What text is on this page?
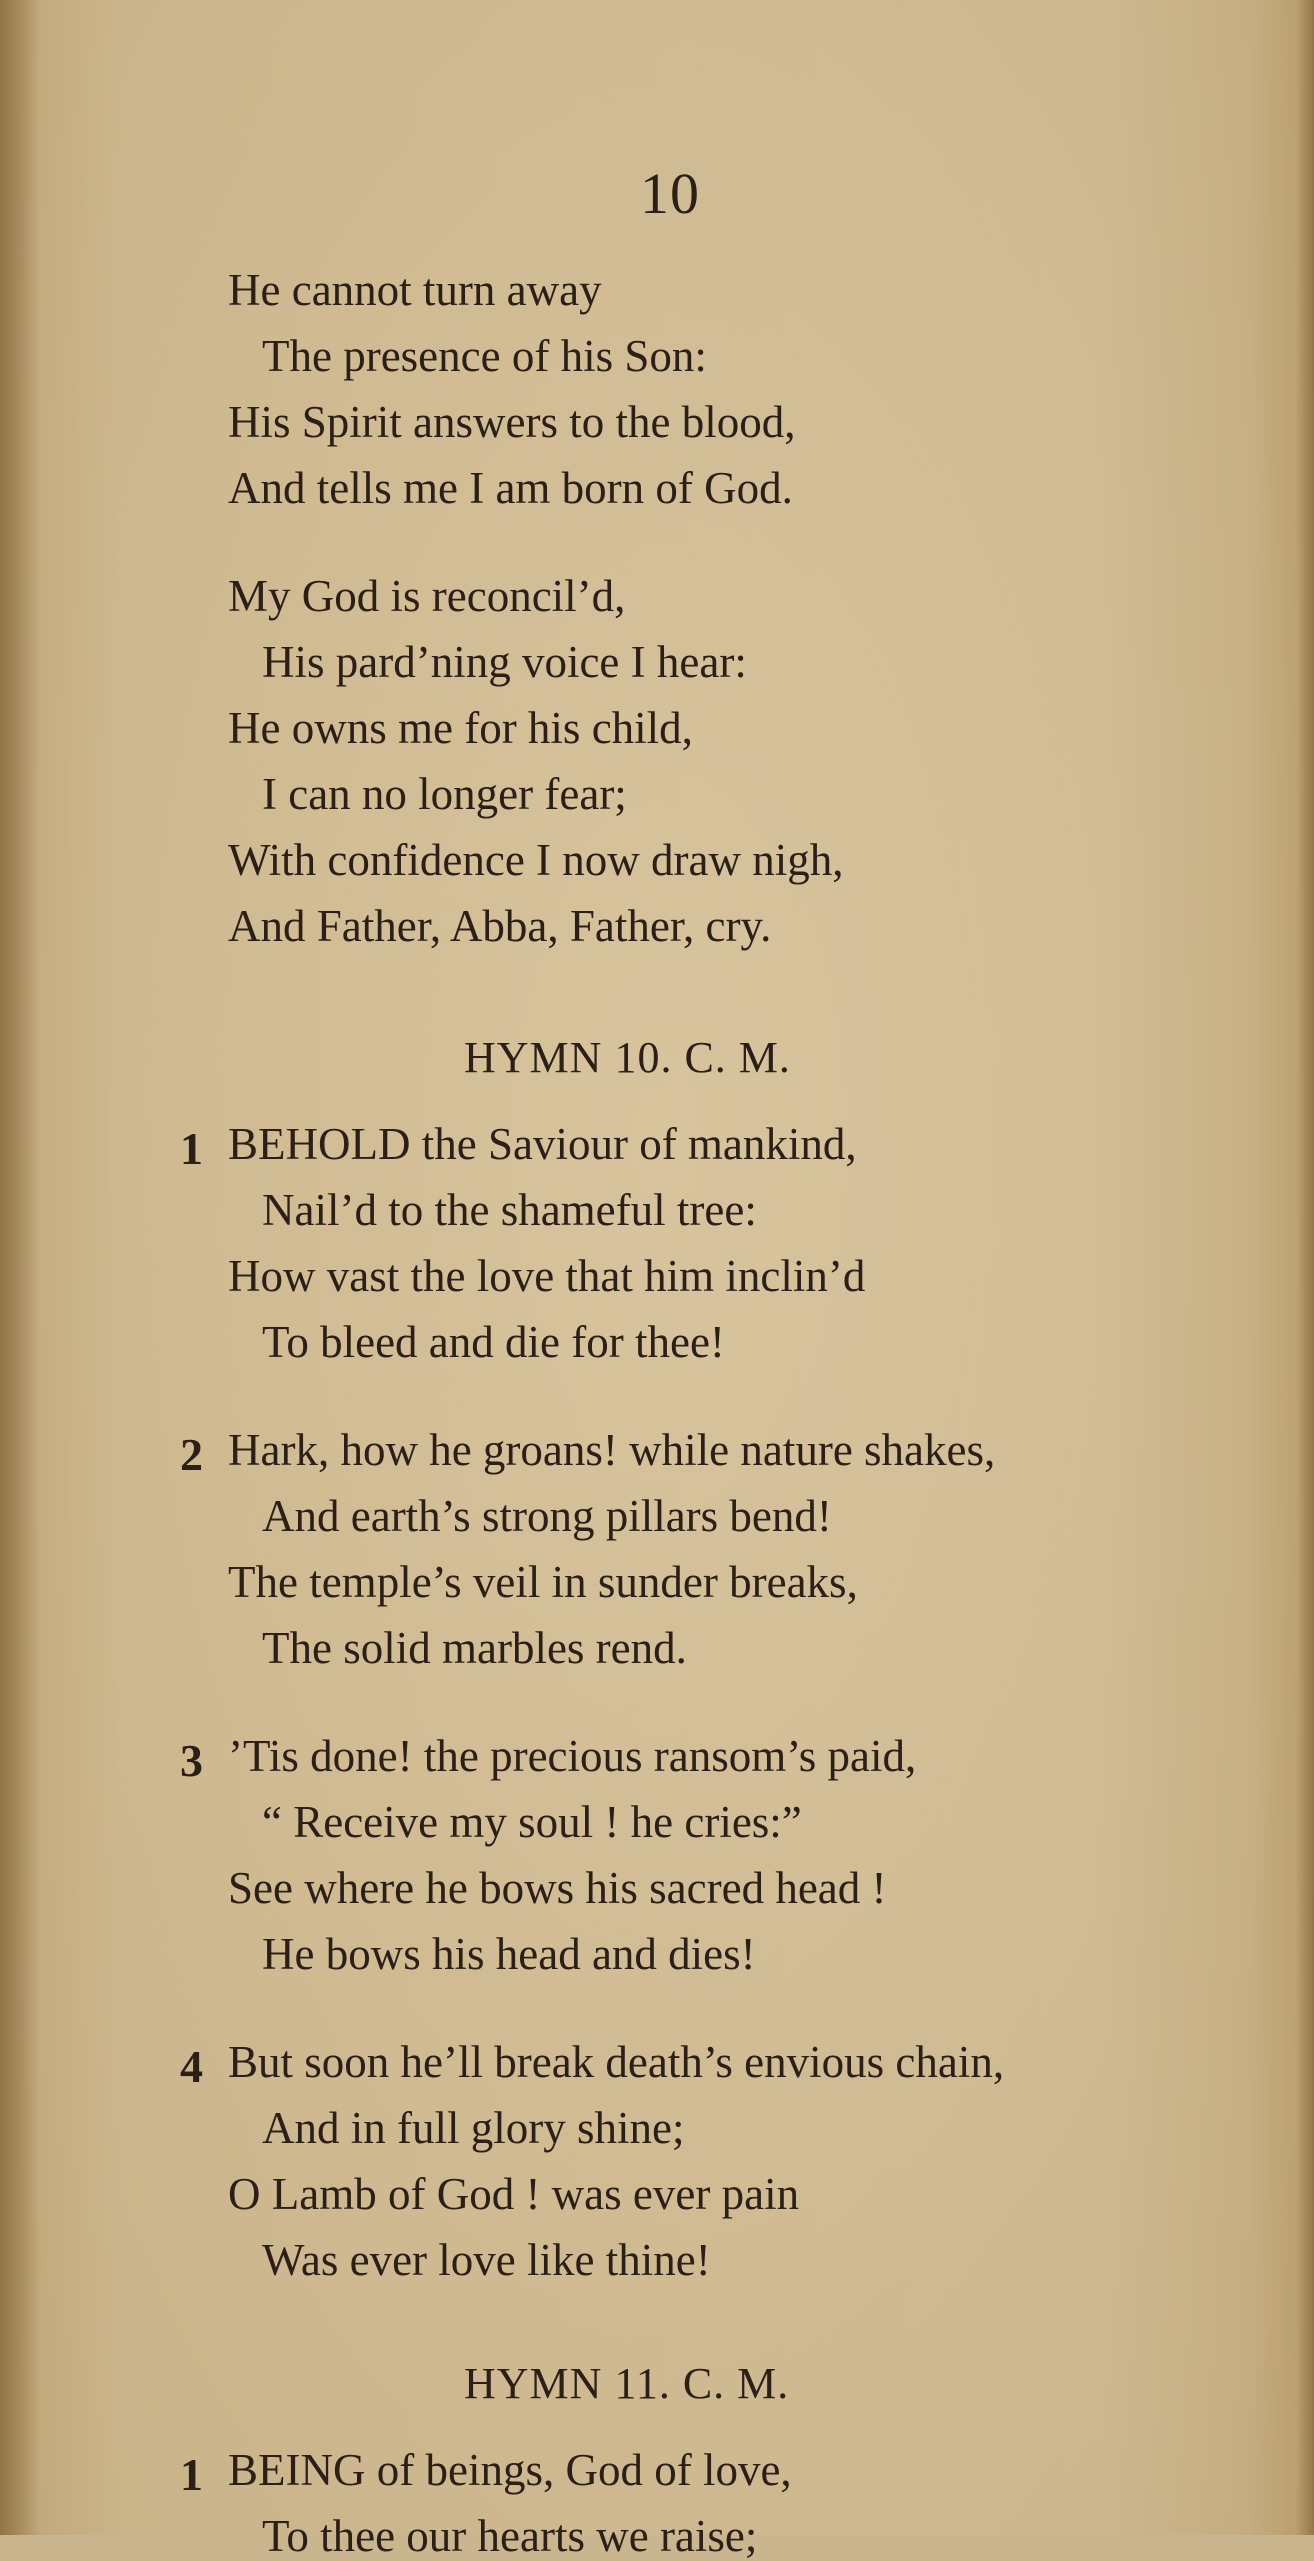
10
He cannot turn away
The presence of his Son:
His Spirit answers to the blood,
And tells me I am born of God.
My God is reconcil’d,
His pard’ning voice I hear:
He owns me for his child,
I can no longer fear;
With confidence I now draw nigh,
And Father, Abba, Father, cry.
HYMN 10. C. M.
1 BEHOLD the Saviour of mankind,
Nail’d to the shameful tree:
How vast the love that him inclin’d
To bleed and die for thee!
2 Hark, how he groans! while nature shakes,
And earth’s strong pillars bend!
The temple’s veil in sunder breaks,
The solid marbles rend.
3 ’Tis done! the precious ransom’s paid,
“ Receive my soul ! he cries:”
See where he bows his sacred head !
He bows his head and dies!
4 But soon he’ll break death’s envious chain,
And in full glory shine;
O Lamb of God ! was ever pain
Was ever love like thine!
HYMN 11. C. M.
1 BEING of beings, God of love,
To thee our hearts we raise;
